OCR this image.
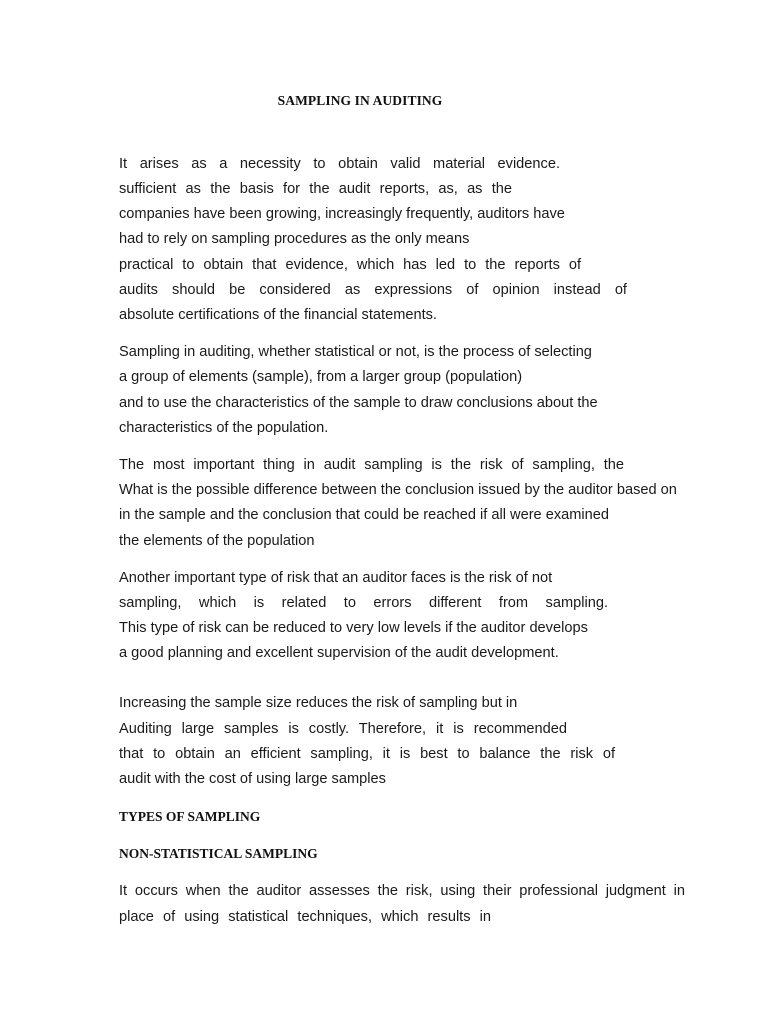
SAMPLING IN AUDITING
It arises as a necessity to obtain valid material evidence.
sufficient as the basis for the audit reports, as, as the
companies have been growing, increasingly frequently, auditors have
had to rely on sampling procedures as the only means
practical to obtain that evidence, which has led to the reports of
audits should be considered as expressions of opinion instead of
absolute certifications of the financial statements.
Sampling in auditing, whether statistical or not, is the process of selecting
a group of elements (sample), from a larger group (population)
and to use the characteristics of the sample to draw conclusions about the
characteristics of the population.
The most important thing in audit sampling is the risk of sampling, the
What is the possible difference between the conclusion issued by the auditor based on
in the sample and the conclusion that could be reached if all were examined
the elements of the population
Another important type of risk that an auditor faces is the risk of not
sampling, which is related to errors different from sampling.
This type of risk can be reduced to very low levels if the auditor develops
a good planning and excellent supervision of the audit development.
Increasing the sample size reduces the risk of sampling but in
Auditing large samples is costly. Therefore, it is recommended
that to obtain an efficient sampling, it is best to balance the risk of
audit with the cost of using large samples
TYPES OF SAMPLING
NON-STATISTICAL SAMPLING
It occurs when the auditor assesses the risk, using their professional judgment in
place of using statistical techniques, which results in
